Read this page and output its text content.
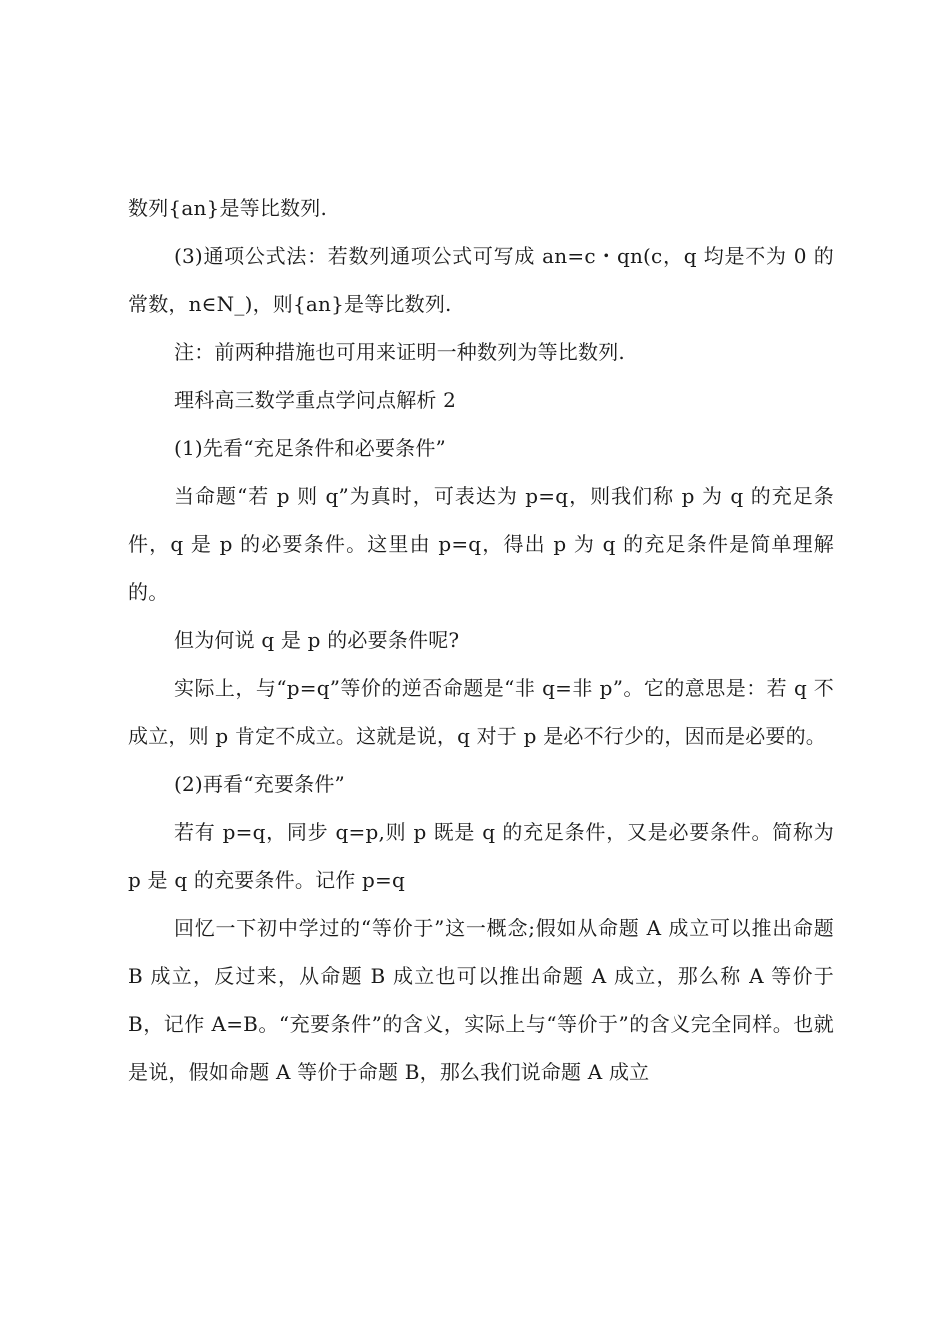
数列{an}是等比数列.

(3)通项公式法：若数列通项公式可写成 an=c・qn(c，q 均是不为 0 的常数，n∈N_)，则{an}是等比数列.

注：前两种措施也可用来证明一种数列为等比数列.

理科高三数学重点学问点解析 2

(1)先看“充足条件和必要条件”

当命题“若 p 则 q”为真时，可表达为 p=q，则我们称 p 为 q 的充足条件，q 是 p 的必要条件。这里由 p=q，得出 p 为 q 的充足条件是简单理解的。

但为何说 q 是 p 的必要条件呢?

实际上，与“p=q”等价的逆否命题是“非 q=非 p”。它的意思是：若 q 不成立，则 p 肯定不成立。这就是说，q 对于 p 是必不行少的，因而是必要的。

(2)再看“充要条件”

若有 p=q，同步 q=p,则 p 既是 q 的充足条件，又是必要条件。简称为 p 是 q 的充要条件。记作 p=q

回忆一下初中学过的“等价于”这一概念;假如从命题 A 成立可以推出命题 B 成立，反过来，从命题 B 成立也可以推出命题 A 成立，那么称 A 等价于 B，记作 A=B。“充要条件”的含义，实际上与“等价于”的含义完全同样。也就是说，假如命题 A 等价于命题 B，那么我们说命题 A 成立
